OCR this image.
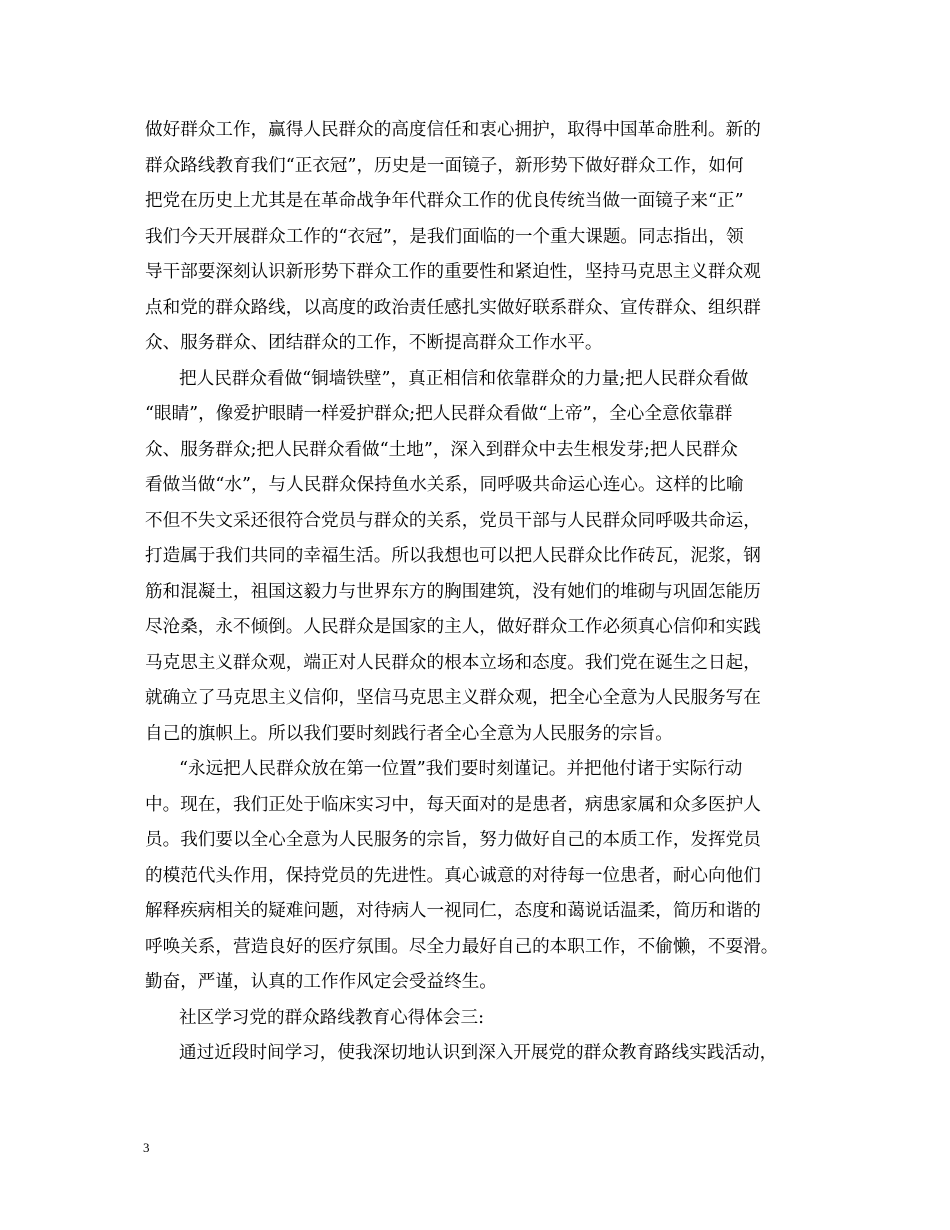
做好群众工作，赢得人民群众的高度信任和衷心拥护，取得中国革命胜利。新的
群众路线教育我们“正衣冠”，历史是一面镜子，新形势下做好群众工作，如何
把党在历史上尤其是在革命战争年代群众工作的优良传统当做一面镜子来“正”
我们今天开展群众工作的“衣冠”，是我们面临的一个重大课题。同志指出，领
导干部要深刻认识新形势下群众工作的重要性和紧迫性，坚持马克思主义群众观
点和党的群众路线，以高度的政治责任感扎实做好联系群众、宣传群众、组织群
众、服务群众、团结群众的工作，不断提高群众工作水平。
把人民群众看做“铜墙铁壁”，真正相信和依靠群众的力量;把人民群众看做
“眼睛”，像爱护眼睛一样爱护群众;把人民群众看做“上帝”，全心全意依靠群
众、服务群众;把人民群众看做“土地”，深入到群众中去生根发芽;把人民群众
看做当做“水”，与人民群众保持鱼水关系，同呼吸共命运心连心。这样的比喻
不但不失文采还很符合党员与群众的关系，党员干部与人民群众同呼吸共命运，
打造属于我们共同的幸福生活。所以我想也可以把人民群众比作砖瓦，泥浆，钢
筋和混凝土，祖国这毅力与世界东方的胸围建筑，没有她们的堆砌与巩固怎能历
尽沧桑，永不倾倒。人民群众是国家的主人，做好群众工作必须真心信仰和实践
马克思主义群众观，端正对人民群众的根本立场和态度。我们党在诞生之日起，
就确立了马克思主义信仰，坚信马克思主义群众观，把全心全意为人民服务写在
自己的旗帜上。所以我们要时刻践行者全心全意为人民服务的宗旨。
“永远把人民群众放在第一位置”我们要时刻谨记。并把他付诸于实际行动
中。现在，我们正处于临床实习中，每天面对的是患者，病患家属和众多医护人
员。我们要以全心全意为人民服务的宗旨，努力做好自己的本质工作，发挥党员
的模范代头作用，保持党员的先进性。真心诚意的对待每一位患者，耐心向他们
解释疾病相关的疑难问题，对待病人一视同仁，态度和蔼说话温柔，简历和谐的
呼唤关系，营造良好的医疗氛围。尽全力最好自己的本职工作，不偷懒，不耍滑。
勤奋，严谨，认真的工作作风定会受益终生。
社区学习党的群众路线教育心得体会三:
通过近段时间学习，使我深切地认识到深入开展党的群众教育路线实践活动，
3
